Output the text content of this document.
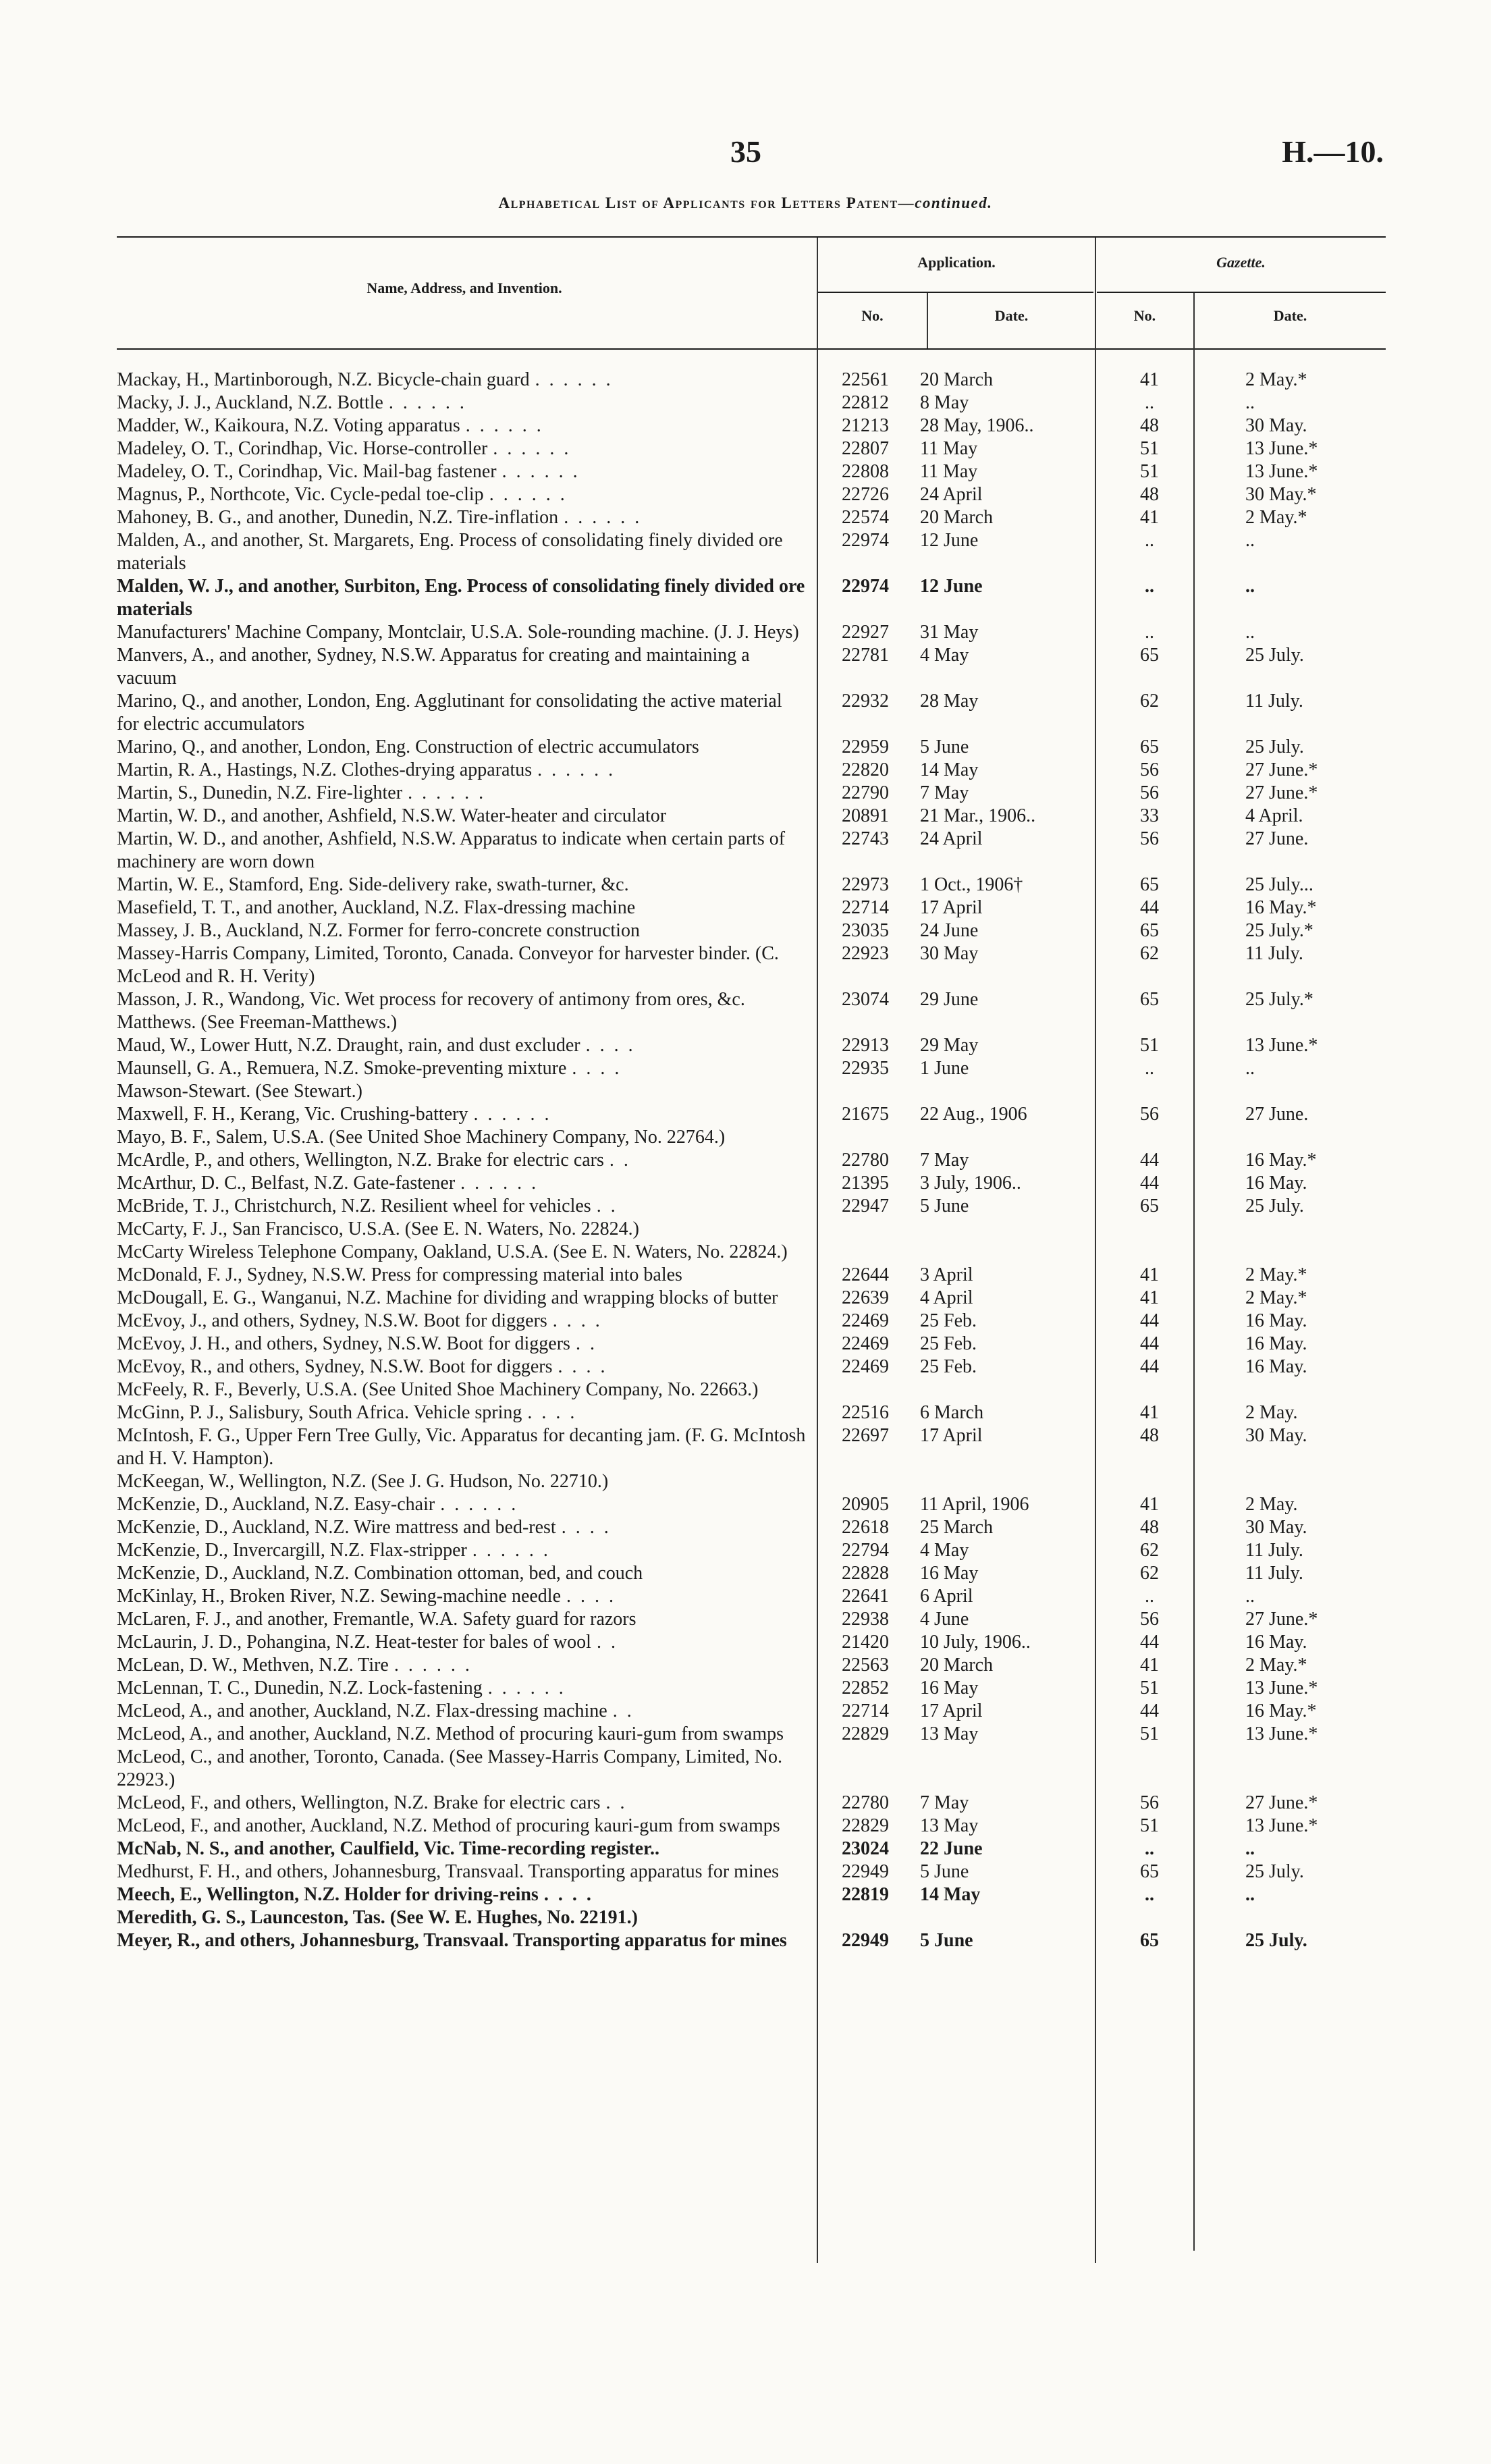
35	H.—10.
Alphabetical List of Applicants for Letters Patent—continued.
Name, Address, and Invention.
Application.	Gazette.
No.	Date.	No.	Date.
Mackay, H., Martinborough, N.Z. Bicycle-chain guard ......	22561	20 March	41	2 May.*
Macky, J. J., Auckland, N.Z. Bottle ......	22812	8 May	..	..
Madder, W., Kaikoura, N.Z. Voting apparatus ......	21213	28 May, 1906..	48	30 May.
Madeley, O. T., Corindhap, Vic. Horse-controller ......	22807	11 May	51	13 June.*
Madeley, O. T., Corindhap, Vic. Mail-bag fastener ......	22808	11 May	51	13 June.*
Magnus, P., Northcote, Vic. Cycle-pedal toe-clip ......	22726	24 April	48	30 May.*
Mahoney, B. G., and another, Dunedin, N.Z. Tire-inflation ......	22574	20 March	41	2 May.*
Malden, A., and another, St. Margarets, Eng. Process of consolidating finely divided ore materials
22974	12 June	..	..
Malden, W. J., and another, Surbiton, Eng. Process of consolidating finely divided ore materials
22974	12 June	..	..
Manufacturers' Machine Company, Montclair, U.S.A. Sole-rounding machine. (J. J. Heys)	22927	31 May	..	..
Manvers, A., and another, Sydney, N.S.W. Apparatus for creating and maintaining a vacuum
22781	4 May	65	25 July.
Marino, Q., and another, London, Eng. Agglutinant for consolidating the active material for electric accumulators
22932	28 May	62	11 July.
Marino, Q., and another, London, Eng. Construction of electric accumulators	22959	5 June	65	25 July.
Martin, R. A., Hastings, N.Z. Clothes-drying apparatus ......	22820	14 May	56	27 June.*
Martin, S., Dunedin, N.Z. Fire-lighter ......	22790	7 May	56	27 June.*
Martin, W. D., and another, Ashfield, N.S.W. Water-heater and circulator	20891	21 Mar., 1906..	33	4 April.
Martin, W. D., and another, Ashfield, N.S.W. Apparatus to indicate when certain parts of machinery are worn down
22743	24 April	56	27 June.
Martin, W. E., Stamford, Eng. Side-delivery rake, swath-turner, &c.	22973	1 Oct., 1906†	65	25 July...
Masefield, T. T., and another, Auckland, N.Z. Flax-dressing machine	22714	17 April	44	16 May.*
Massey, J. B., Auckland, N.Z. Former for ferro-concrete construction	23035	24 June	65	25 July.*
Massey-Harris Company, Limited, Toronto, Canada. Conveyor for harvester binder. (C. McLeod and R. H. Verity)
22923	30 May	62	11 July.
Masson, J. R., Wandong, Vic. Wet process for recovery of antimony from ores, &c.	23074	29 June	65	25 July.*
Matthews. (See Freeman-Matthews.)
Maud, W., Lower Hutt, N.Z. Draught, rain, and dust excluder ....	22913	29 May	51	13 June.*
Maunsell, G. A., Remuera, N.Z. Smoke-preventing mixture ....	22935	1 June	..	..
Mawson-Stewart. (See Stewart.)
Maxwell, F. H., Kerang, Vic. Crushing-battery ......	21675	22 Aug., 1906	56	27 June.
Mayo, B. F., Salem, U.S.A. (See United Shoe Machinery Company, No. 22764.)
McArdle, P., and others, Wellington, N.Z. Brake for electric cars ..	22780	7 May	44	16 May.*
McArthur, D. C., Belfast, N.Z. Gate-fastener ......	21395	3 July, 1906..	44	16 May.
McBride, T. J., Christchurch, N.Z. Resilient wheel for vehicles ..	22947	5 June	65	25 July.
McCarty, F. J., San Francisco, U.S.A. (See E. N. Waters, No. 22824.)
McCarty Wireless Telephone Company, Oakland, U.S.A. (See E. N. Waters, No. 22824.)
McDonald, F. J., Sydney, N.S.W. Press for compressing material into bales	22644	3 April	41	2 May.*
McDougall, E. G., Wanganui, N.Z. Machine for dividing and wrapping blocks of butter	22639	4 April	41	2 May.*
McEvoy, J., and others, Sydney, N.S.W. Boot for diggers ....	22469	25 Feb.	44	16 May.
McEvoy, J. H., and others, Sydney, N.S.W. Boot for diggers ..	22469	25 Feb.	44	16 May.
McEvoy, R., and others, Sydney, N.S.W. Boot for diggers ....	22469	25 Feb.	44	16 May.
McFeely, R. F., Beverly, U.S.A. (See United Shoe Machinery Company, No. 22663.)
McGinn, P. J., Salisbury, South Africa. Vehicle spring ....	22516	6 March	41	2 May.
McIntosh, F. G., Upper Fern Tree Gully, Vic. Apparatus for decanting jam. (F. G. McIntosh and H. V. Hampton).
22697	17 April	48	30 May.
McKeegan, W., Wellington, N.Z. (See J. G. Hudson, No. 22710.)
McKenzie, D., Auckland, N.Z. Easy-chair ......	20905	11 April, 1906	41	2 May.
McKenzie, D., Auckland, N.Z. Wire mattress and bed-rest ....	22618	25 March	48	30 May.
McKenzie, D., Invercargill, N.Z. Flax-stripper ......	22794	4 May	62	11 July.
McKenzie, D., Auckland, N.Z. Combination ottoman, bed, and couch	22828	16 May	62	11 July.
McKinlay, H., Broken River, N.Z. Sewing-machine needle ....	22641	6 April	..	..
McLaren, F. J., and another, Fremantle, W.A. Safety guard for razors	22938	4 June	56	27 June.*
McLaurin, J. D., Pohangina, N.Z. Heat-tester for bales of wool ..	21420	10 July, 1906..	44	16 May.
McLean, D. W., Methven, N.Z. Tire ......	22563	20 March	41	2 May.*
McLennan, T. C., Dunedin, N.Z. Lock-fastening ......	22852	16 May	51	13 June.*
McLeod, A., and another, Auckland, N.Z. Flax-dressing machine ..	22714	17 April	44	16 May.*
McLeod, A., and another, Auckland, N.Z. Method of procuring kauri-gum from swamps	22829	13 May	51	13 June.*
McLeod, C., and another, Toronto, Canada. (See Massey-Harris Company, Limited, No. 22923.)
McLeod, F., and others, Wellington, N.Z. Brake for electric cars ..	22780	7 May	56	27 June.*
McLeod, F., and another, Auckland, N.Z. Method of procuring kauri-gum from swamps	22829	13 May	51	13 June.*
McNab, N. S., and another, Caulfield, Vic. Time-recording register..	23024	22 June	..	..
Medhurst, F. H., and others, Johannesburg, Transvaal. Transporting apparatus for mines	22949	5 June	65	25 July.
Meech, E., Wellington, N.Z. Holder for driving-reins ....	22819	14 May	..	..
Meredith, G. S., Launceston, Tas. (See W. E. Hughes, No. 22191.)
Meyer, R., and others, Johannesburg, Transvaal. Transporting apparatus for mines	22949	5 June	65	25 July.
